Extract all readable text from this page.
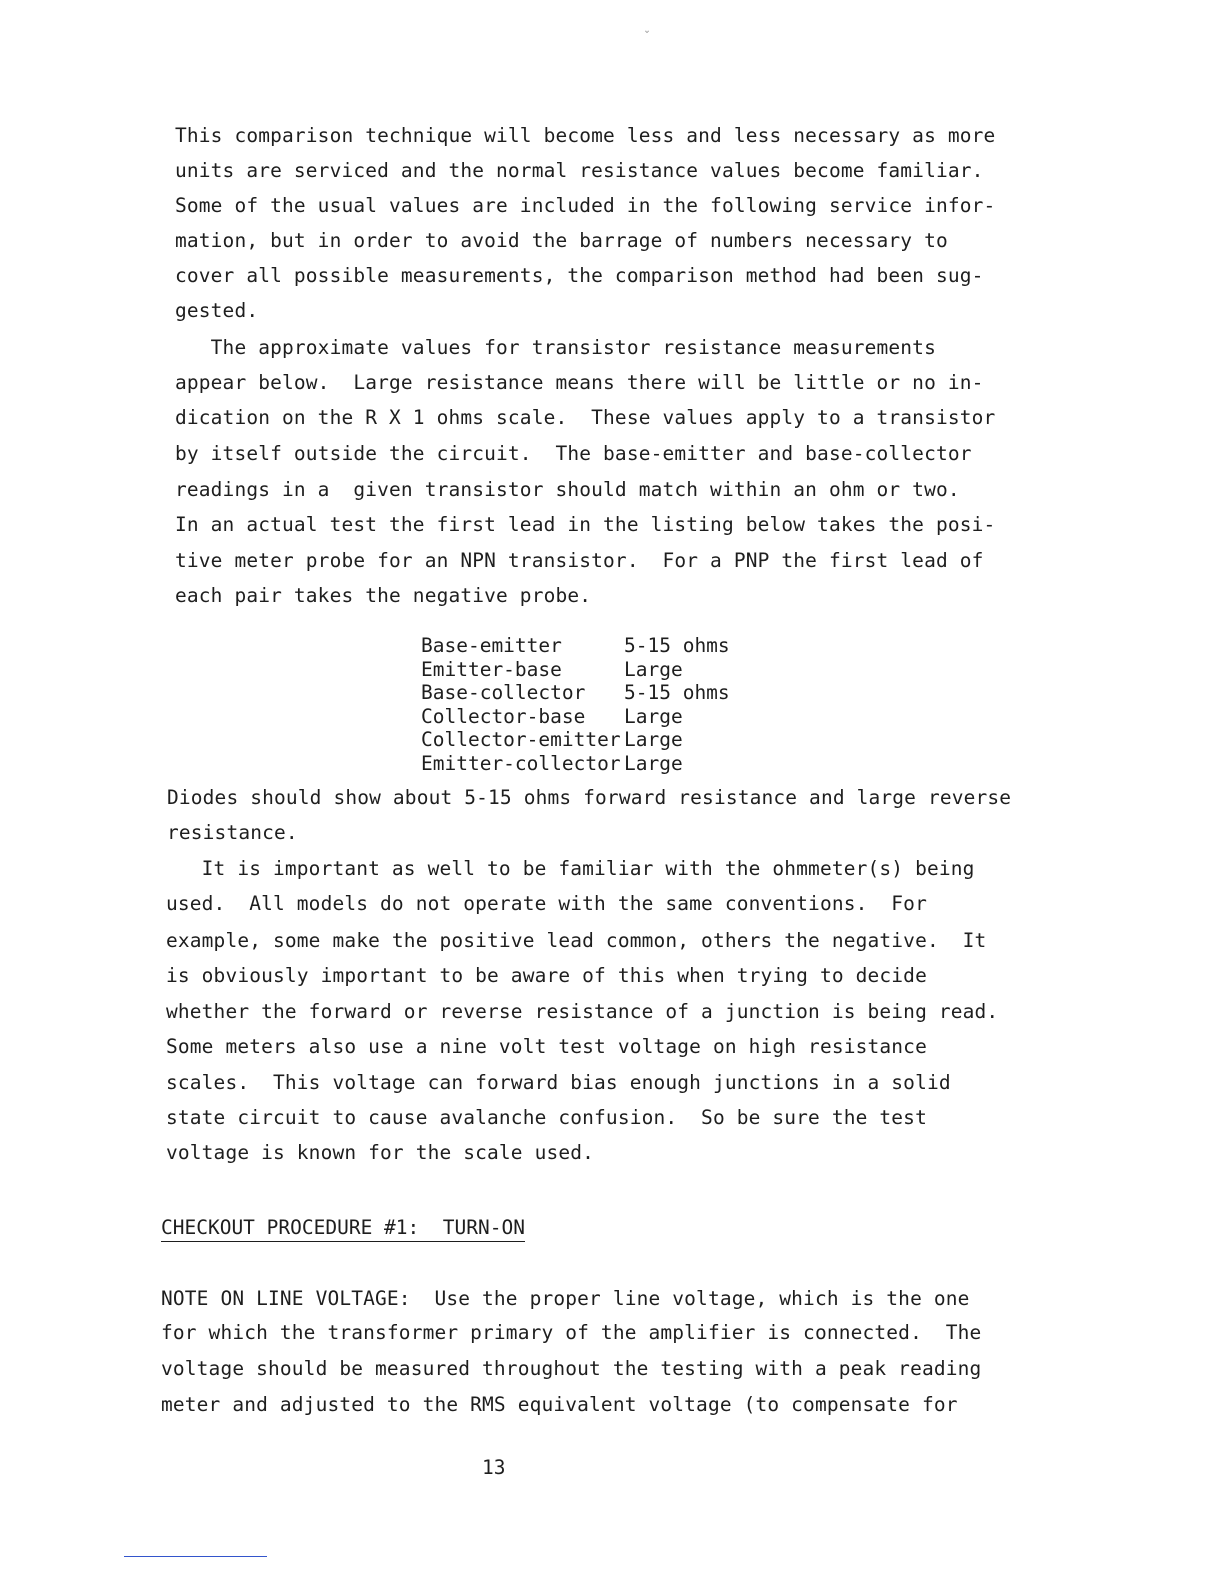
ᵕ
This comparison technique will become less and less necessary as more
units are serviced and the normal resistance values become familiar.
Some of the usual values are included in the following service infor-
mation, but in order to avoid the barrage of numbers necessary to
cover all possible measurements, the comparison method had been sug-
gested.
The approximate values for transistor resistance measurements
appear below.  Large resistance means there will be little or no in-
dication on the R X 1 ohms scale.  These values apply to a transistor
by itself outside the circuit.  The base-emitter and base-collector
readings in a  given transistor should match within an ohm or two.
In an actual test the first lead in the listing below takes the posi-
tive meter probe for an NPN transistor.  For a PNP the first lead of
each pair takes the negative probe.
Base-emitter	5-15 ohms
Emitter-base	Large
Base-collector	5-15 ohms
Collector-base	Large
Collector-emitter	Large
Emitter-collector	Large
Diodes should show about 5-15 ohms forward resistance and large reverse
resistance.
It is important as well to be familiar with the ohmmeter(s) being
used.  All models do not operate with the same conventions.  For
example, some make the positive lead common, others the negative.  It
is obviously important to be aware of this when trying to decide
whether the forward or reverse resistance of a junction is being read.
Some meters also use a nine volt test voltage on high resistance
scales.  This voltage can forward bias enough junctions in a solid
state circuit to cause avalanche confusion.  So be sure the test
voltage is known for the scale used.
CHECKOUT PROCEDURE #1:  TURN-ON
NOTE ON LINE VOLTAGE:  Use the proper line voltage, which is the one
for which the transformer primary of the amplifier is connected.  The
voltage should be measured throughout the testing with a peak reading
meter and adjusted to the RMS equivalent voltage (to compensate for
13
